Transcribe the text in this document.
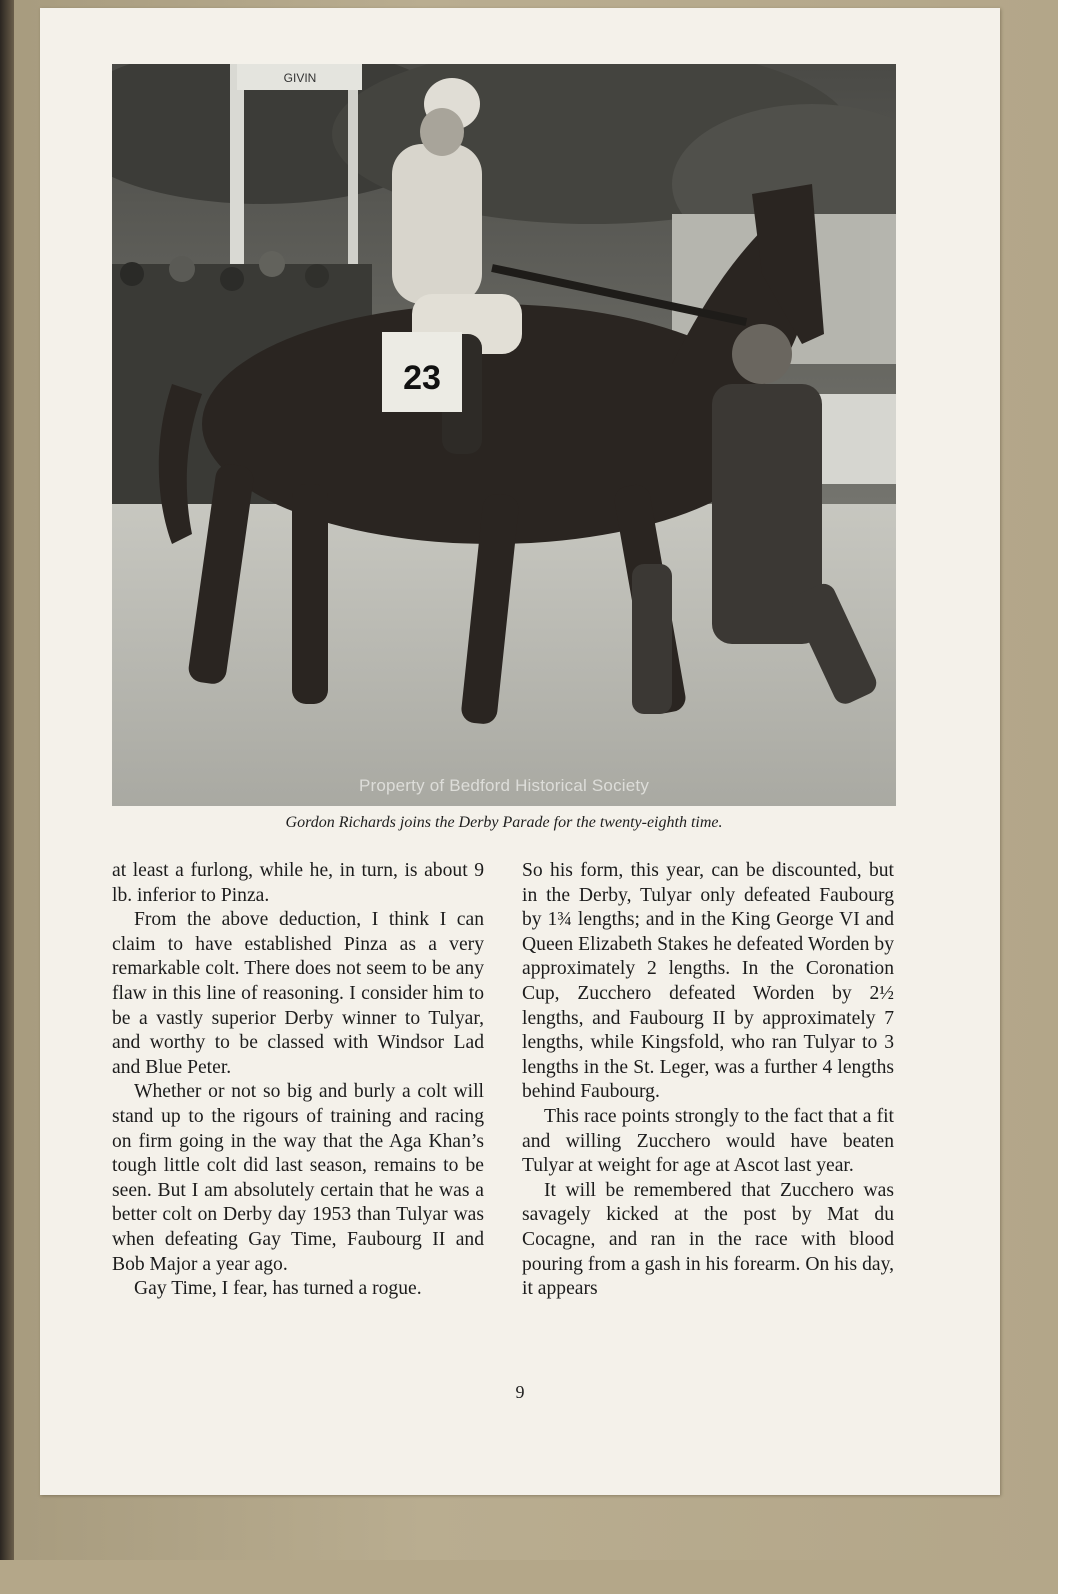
GIVIN
23
Property of Bedford Historical Society
Gordon Richards joins the Derby Parade for the twenty-eighth time.

at least a furlong, while he, in turn, is about 9 lb. inferior to Pinza.

From the above deduction, I think I can claim to have established Pinza as a very remarkable colt. There does not seem to be any flaw in this line of reasoning. I consider him to be a vastly superior Derby winner to Tulyar, and worthy to be classed with Windsor Lad and Blue Peter.

Whether or not so big and burly a colt will stand up to the rigours of training and racing on firm going in the way that the Aga Khan’s tough little colt did last season, remains to be seen. But I am absolutely certain that he was a better colt on Derby day 1953 than Tulyar was when defeating Gay Time, Faubourg II and Bob Major a year ago.

Gay Time, I fear, has turned a rogue.

So his form, this year, can be discounted, but in the Derby, Tulyar only defeated Faubourg by 1¾ lengths; and in the King George VI and Queen Elizabeth Stakes he defeated Worden by approximately 2 lengths. In the Coronation Cup, Zucchero defeated Worden by 2½ lengths, and Faubourg II by approximately 7 lengths, while Kingsfold, who ran Tulyar to 3 lengths in the St. Leger, was a further 4 lengths behind Faubourg.

This race points strongly to the fact that a fit and willing Zucchero would have beaten Tulyar at weight for age at Ascot last year.

It will be remembered that Zucchero was savagely kicked at the post by Mat du Cocagne, and ran in the race with blood pouring from a gash in his forearm. On his day, it appears

9
